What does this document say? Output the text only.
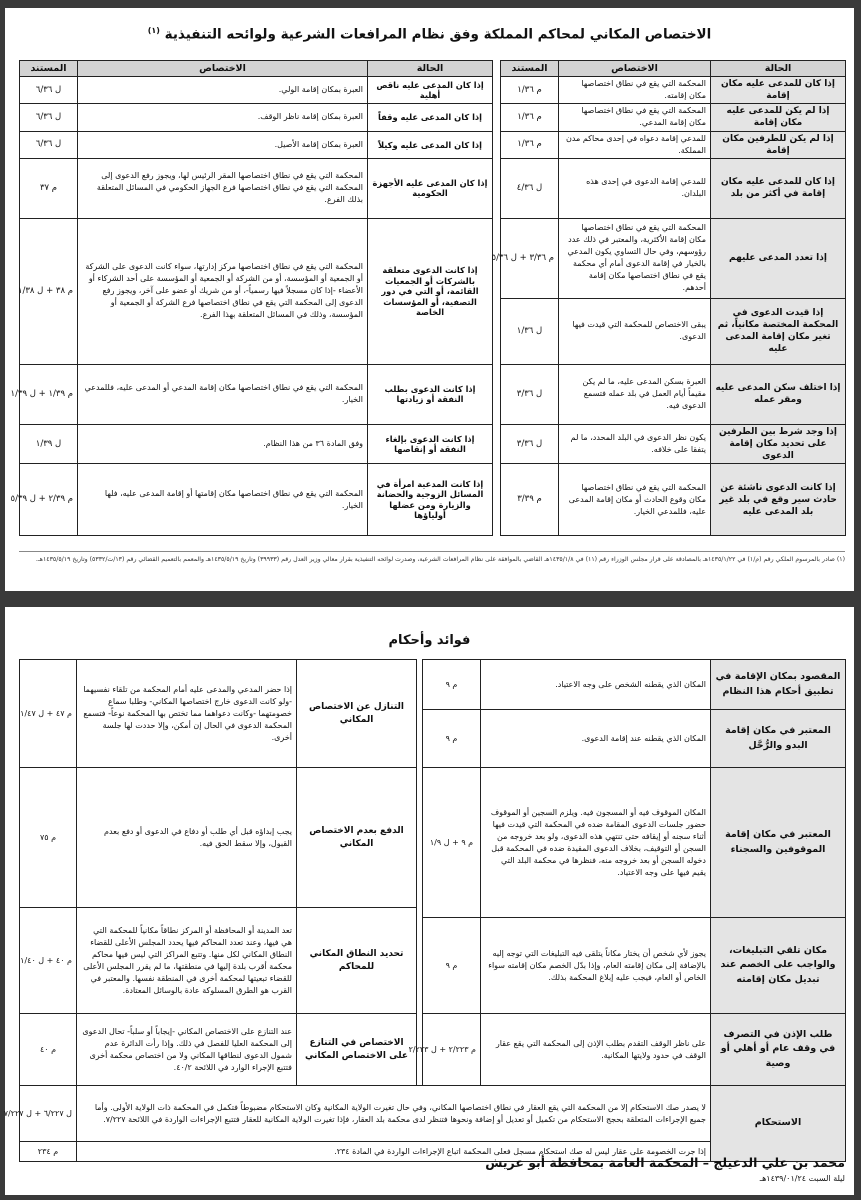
الاختصاص المكاني لمحاكم المملكة وفق نظام المرافعات الشرعية ولوائحه التنفيذية $^{(١)}$
الحالة	الاختصاص	المستند		الحالة	الاختصاص	المستند
إذا كان للمدعى عليه مكان إقامة	المحكمة التي يقع في نطاق اختصاصها مكان إقامته.	م ١/٣٦		إذا كان المدعى عليه ناقص أهلية	العبرة بمكان إقامة الولي.	ل ٦/٣٦
إذا لم يكن للمدعى عليه مكان إقامة	المحكمة التي يقع في نطاق اختصاصها مكان إقامة المدعي.	م ١/٣٦		إذا كان المدعى عليه وقفاً	العبرة بمكان إقامة ناظر الوقف.	ل ٦/٣٦
إذا لم يكن للطرفين مكان إقامة	للمدعي إقامة دعواه في إحدى محاكم مدن المملكة.	م ١/٣٦		إذا كان المدعى عليه وكيلاً	العبرة بمكان إقامة الأصيل.	ل ٦/٣٦
إذا كان للمدعى عليه مكان إقامة في أكثر من بلد	للمدعي إقامة الدعوى في إحدى هذه البلدان.	ل ٤/٣٦		إذا كان المدعى عليه الأجهزة الحكومية	المحكمة التي يقع في نطاق اختصاصها المقر الرئيس لها، ويجوز رفع الدعوى إلى المحكمة التي يقع في نطاق اختصاصها فرع الجهاز الحكومي في المسائل المتعلقة بذلك الفرع.	م ٣٧
إذا تعدد المدعى عليهم	المحكمة التي يقع في نطاق اختصاصها مكان إقامة الأكثرية، والمعتبر في ذلك عدد رؤوسهم، وفي حال التساوي يكون المدعي بالخيار في إقامة الدعوى أمام أي محكمة يقع في نطاق اختصاصها مكان إقامة أحدهم.	م ٣/٣٦ + ل ٥/٣٦		إذا كانت الدعوى متعلقة بالشركات أو الجمعيات القائمة، أو التي في دور التصفية، أو المؤسسات الخاصة	المحكمة التي يقع في نطاق اختصاصها مركز إدارتها، سواء كانت الدعوى على الشركة أو الجمعية أو المؤسسة، أو من الشركة أو الجمعية أو المؤسسة على أحد الشركاء أو الأعضاء -إذا كان مسجلاً فيها رسمياً-، أو من شريك أو عضو على آخر، ويجوز رفع الدعوى إلى المحكمة التي يقع في نطاق اختصاصها فرع الشركة أو الجمعية أو المؤسسة، وذلك في المسائل المتعلقة بهذا الفرع.	م ٣٨ + ل ١/٣٨
إذا قيدت الدعوى في المحكمة المختصة مكانياً، ثم تغير مكان إقامة المدعى عليه	يبقى الاختصاص للمحكمة التي قيدت فيها الدعوى.	ل ١/٣٦				
إذا اختلف سكن المدعى عليه ومقر عمله	العبرة بسكن المدعى عليه، ما لم يكن مقيماً أيام العمل في بلد عمله فتسمع الدعوى فيه.	ل ٣/٣٦		إذا كانت الدعوى بطلب النفقة أو زيادتها	المحكمة التي يقع في نطاق اختصاصها مكان إقامة المدعي أو المدعى عليه، فللمدعي الخيار.	م ١/٣٩ + ل ١/٣٩
إذا وجد شرط بين الطرفين على تحديد مكان إقامة الدعوى	يكون نظر الدعوى في البلد المحدد، ما لم يتفقا على خلافه.	ل ٣/٣٦		إذا كانت الدعوى بإلغاء النفقة أو إنقاصها	وفق المادة ٣٦ من هذا النظام.	ل ١/٣٩
إذا كانت الدعوى ناشئة عن حادث سير وقع في بلد غير بلد المدعى عليه	المحكمة التي يقع في نطاق اختصاصها مكان وقوع الحادث أو مكان إقامة المدعى عليه، فللمدعي الخيار.	م ٣/٣٩		إذا كانت المدعية امرأة في المسائل الزوجية والحضانة والزيارة ومن عضلها أولياؤها	المحكمة التي يقع في نطاق اختصاصها مكان إقامتها أو إقامة المدعى عليه، فلها الخيار.	م ٢/٣٩ + ل ٥/٣٩
(١) صادر بالمرسوم الملكي رقم (م/١) في ١٤٣٥/١/٢٢هـ بالمصادقة على قرار مجلس الوزراء رقم (١١) في ١٤٣٥/١/٨هـ القاضي بالموافقة على نظام المرافعات الشرعية، وصدرت لوائحه التنفيذية بقرار معالي وزير العدل رقم (٣٩٩٣٣) وتاريخ ١٤٣٥/٥/١٩هـ والمعمم بالتعميم القضائي رقم (١٣/ت/٥٣٣٢) وتاريخ ١٤٣٥/٥/١٩هـ.
فوائد وأحكام
المقصود بمكان الإقامة في تطبيق أحكام هذا النظام	المكان الذي يقطنه الشخص على وجه الاعتياد.	م ٩		التنازل عن الاختصاص المكاني	إذا حضر المدعي والمدعى عليه أمام المحكمة من تلقاء نفسيهما -ولو كانت الدعوى خارج اختصاصها المكاني- وطلبا سماع خصومتهما -وكانت دعواهما مما تختص بها المحكمة نوعاً- فتسمع المحكمة الدعوى في الحال إن أمكن، وإلا حددت لها جلسة أخرى.	م ٤٧ + ل ١/٤٧
المعتبر في مكان إقامة البدو والرُّحَّل	المكان الذي يقطنه عند إقامة الدعوى.	م ٩				
المعتبر في مكان إقامة الموقوفين والسجناء	المكان الموقوف فيه أو المسجون فيه. ويلزم السجين أو الموقوف حضور جلسات الدعوى المقامة ضده في المحكمة التي قيدت فيها أثناء سجنه أو إيقافه حتى تنتهي هذه الدعوى، ولو بعد خروجه من السجن أو التوقيف، بخلاف الدعوى المقيدة ضده في المحكمة قبل دخوله السجن أو بعد خروجه منه، فنظرها في محكمة البلد التي يقيم فيها على وجه الاعتياد.	م ٩ + ل ١/٩		الدفع بعدم الاختصاص المكاني	يجب إبداؤه قبل أي طلب أو دفاع في الدعوى أو دفع بعدم القبول، وإلا سقط الحق فيه.	م ٧٥
				تحديد النطاق المكاني للمحاكم	تعد المدينة أو المحافظة أو المركز نطاقاً مكانياً للمحكمة التي هي فيها، وعند تعدد المحاكم فيها يحدد المجلس الأعلى للقضاء النطاق المكاني لكل منها. وتتبع المراكز التي ليس فيها محاكم محكمة أقرب بلدة إليها في منطقتها، ما لم يقرر المجلس الأعلى للقضاء تبعيتها لمحكمة أخرى في المنطقة نفسها. والمعتبر في القرب هو الطرق المسلوكة عادة بالوسائل المعتادة.	م ٤٠ + ل ١/٤٠
مكان تلقي التبليغات، والواجب على الخصم عند تبديل مكان إقامته	يجوز لأي شخص أن يختار مكاناً يتلقى فيه التبليغات التي توجه إليه بالإضافة إلى مكان إقامته العام، وإذا بدّل الخصم مكان إقامته سواء الخاص أو العام، فيجب عليه إبلاغ المحكمة بذلك.	م ٩				
طلب الإذن في التصرف في وقف عام أو أهلي أو وصية	على ناظر الوقف التقدم بطلب الإذن إلى المحكمة التي يقع عقار الوقف في حدود ولايتها المكانية.	م ٢/٢٢٣ + ل ٢/٢٢٣		الاختصاص في التنازع على الاختصاص المكاني	عند التنازع على الاختصاص المكاني -إيجاباً أو سلباً- تحال الدعوى إلى المحكمة العليا للفصل في ذلك. وإذا رأت الدائرة عدم شمول الدعوى لنطاقها المكاني ولا من اختصاص محكمة أخرى فتتبع الإجراء الوارد في اللائحة ٤٠/٢.	م ٤٠
الاستحكام	لا يصدر صك الاستحكام إلا من المحكمة التي يقع العقار في نطاق اختصاصها المكاني، وفي حال تغيرت الولاية المكانية وكان الاستحكام مضبوطاً فتكمل في المحكمة ذات الولاية الأولى. وأما جميع الإجراءات المتعلقة بحجج الاستحكام من تكميل أو تعديل أو إضافة ونحوها فتنظر لدى محكمة بلد العقار، فإذا تغيرت الولاية المكانية للعقار فتتبع الإجراءات الواردة في اللائحة ٧/٢٢٧.					ل ٦/٢٢٧ + ل ٧/٢٢٧
	إذا جرت الخصومة على عقار ليس له صك استحكام مسجل فعلى المحكمة اتباع الإجراءات الواردة في المادة ٢٣٤.					م ٢٣٤
محمد بن علي الدعيلج – المحكمة العامة بمحافظة أبو عريش
ليلة السبت ١٤٣٩/٠١/٢٤هـ
